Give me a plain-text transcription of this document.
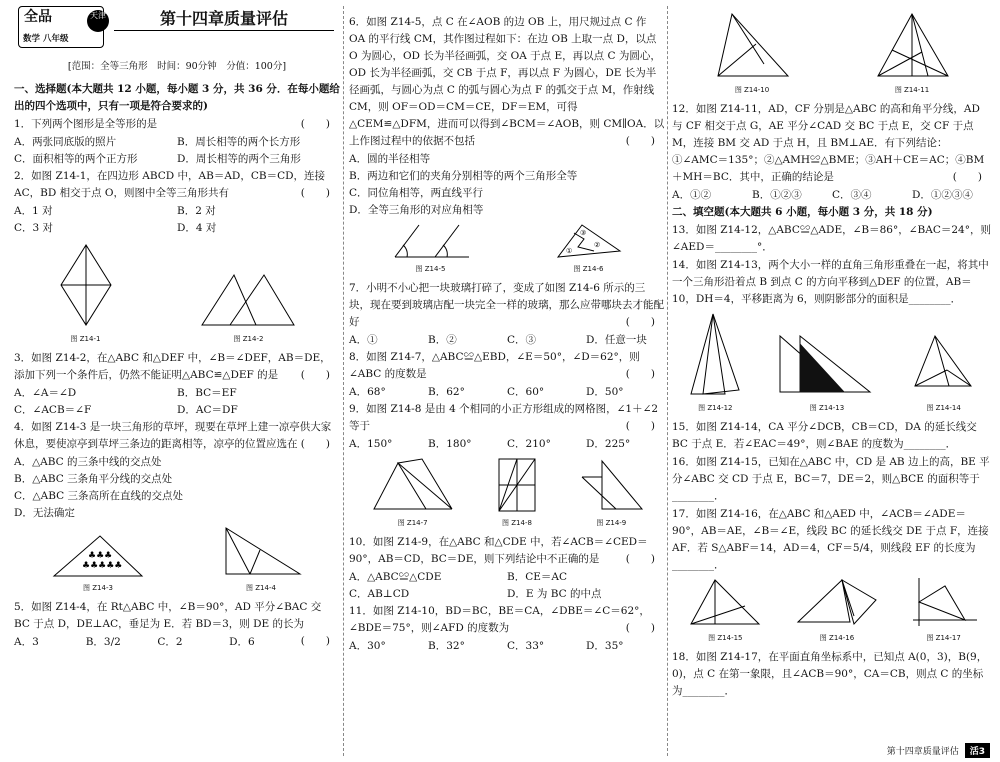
全品
数学 八年级
天津	第十四章质量评估
[范围：全等三角形　时间：90分钟　分值：100分]
一、选择题(本大题共 12 小题，每小题 3 分，共 36 分．在每小题给出的四个选项中，只有一项是符合要求的)
1．下列两个图形是全等形的是	(　　)
A．两张同底版的照片	B．周长相等的两个长方形
C．面积相等的两个正方形	D．周长相等的两个三角形
2．如图 Z14-1，在四边形 ABCD 中，AB＝AD，CB＝CD，连接 AC，BD 相交于点 O，则图中全等三角形共有	(　　)
A．1 对	B．2 对
C．3 对	D．4 对
图 Z14-1	图 Z14-2
3．如图 Z14-2，在△ABC 和△DEF 中，∠B＝∠DEF，AB＝DE，添加下列一个条件后，仍然不能证明△ABC≌△DEF 的是 (　　)
A．∠A＝∠D	B．BC＝EF
C．∠ACB＝∠F	D．AC＝DF
4．如图 Z14-3 是一块三角形的草坪，现要在草坪上建一凉亭供大家休息，要使凉亭到草坪三条边的距离相等，凉亭的位置应选在 (　　)
A．△ABC 的三条中线的交点处
B．△ABC 三条角平分线的交点处
C．△ABC 三条高所在直线的交点处
D．无法确定
♣♣♣♣♣
♣♣♣
图 Z14-3	图 Z14-4
5．如图 Z14-4，在 Rt△ABC 中，∠B＝90°，AD 平分∠BAC 交 BC 于点 D，DE⊥AC，垂足为 E．若 BD＝3，则 DE 的长为
(　　)
A．3	B．3/2	C．2	D．6
6．如图 Z14-5，点 C 在∠AOB 的边 OB 上，用尺规过点 C 作 OA 的平行线 CM，其作图过程如下：在边 OB 上取一点 D，以点 O 为圆心，OD 长为半径画弧，交 OA 于点 E，再以点 C 为圆心，OD 长为半径画弧，交 CB 于点 F，再以点 F 为圆心，DE 长为半径画弧，与圆心为点 C 的弧与圆心为点 F 的弧交于点 M，作射线 CM，则 OF＝OD＝CM＝CE，DF＝EM，可得△CEM≌△DFM，进而可以得到∠BCM＝∠AOB，则 CM∥OA．以上作图过程中的依据不包括	(　　)
A．圆的半径相等
B．两边和它们的夹角分别相等的两个三角形全等
C．同位角相等，两直线平行
D．全等三角形的对应角相等
图 Z14-5
③
②
①
图 Z14-6
7．小明不小心把一块玻璃打碎了，变成了如图 Z14-6 所示的三块，现在要到玻璃店配一块完全一样的玻璃，那么应带哪块去才能配好	(　　)
A．①	B．②	C．③	D．任意一块
8．如图 Z14-7，△ABC≌△EBD，∠E＝50°，∠D＝62°，则∠ABC 的度数是	(　　)
A．68°	B．62°	C．60°	D．50°
9．如图 Z14-8 是由 4 个相同的小正方形组成的网格图，∠1＋∠2 等于	(　　)
A．150°	B．180°	C．210°	D．225°
图 Z14-7	图 Z14-8	图 Z14-9
10．如图 Z14-9，在△ABC 和△CDE 中，若∠ACB＝∠CED＝90°，AB＝CD，BC＝DE，则下列结论中不正确的是	(　　)
A．△ABC≌△CDE	B．CE＝AC
C．AB⊥CD	D．E 为 BC 的中点
11．如图 Z14-10，BD＝BC，BE＝CA，∠DBE＝∠C＝62°，∠BDE＝75°，则∠AFD 的度数为	(　　)
A．30°	B．32°	C．33°	D．35°
图 Z14-10	图 Z14-11
12．如图 Z14-11，AD，CF 分别是△ABC 的高和角平分线，AD 与 CF 相交于点 G，AE 平分∠CAD 交 BC 于点 E，交 CF 于点 M，连接 BM 交 AD 于点 H，且 BM⊥AE．有下列结论：①∠AMC＝135°；②△AMH≌△BME；③AH＋CE＝AC；④BM＋MH＝BC．其中，正确的结论是	(　　)
A．①②	B．①②③	C．③④	D．①②③④
二、填空题(本大题共 6 小题，每小题 3 分，共 18 分)
13．如图 Z14-12，△ABC≌△ADE，∠B＝86°，∠BAC＝24°，则∠AED＝________°．
14．如图 Z14-13，两个大小一样的直角三角形重叠在一起，将其中一个三角形沿着点 B 到点 C 的方向平移到△DEF 的位置，AB＝10，DH＝4，平移距离为 6，则阴影部分的面积是________．
图 Z14-12	图 Z14-13	图 Z14-14
15．如图 Z14-14，CA 平分∠DCB，CB＝CD，DA 的延长线交 BC 于点 E．若∠EAC＝49°，则∠BAE 的度数为________．
16．如图 Z14-15，已知在△ABC 中，CD 是 AB 边上的高，BE 平分∠ABC 交 CD 于点 E，BC＝7，DE＝2，则△BCE 的面积等于________．
17．如图 Z14-16，在△ABC 和△AED 中，∠ACB＝∠ADE＝90°，AB＝AE，∠B＝∠E，线段 BC 的延长线交 DE 于点 F，连接 AF．若 S△ABF＝14，AD＝4，CF＝5/4，则线段 EF 的长度为________．
图 Z14-15	图 Z14-16	图 Z14-17
18．如图 Z14-17，在平面直角坐标系中，已知点 A(0，3)，B(9，0)，点 C 在第一象限，且∠ACB＝90°，CA＝CB，则点 C 的坐标为________．
第十四章质量评估	活3
